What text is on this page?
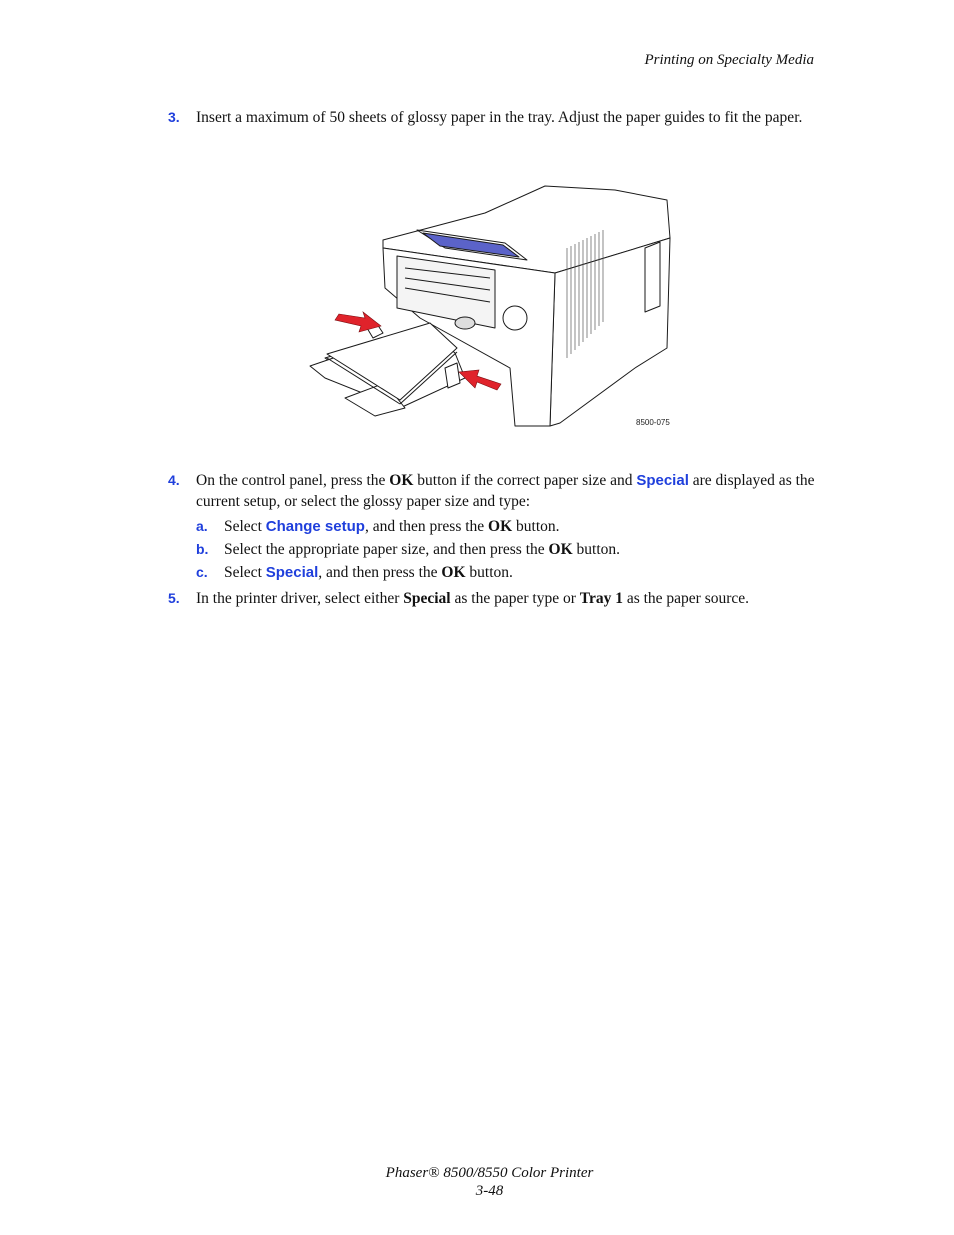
Printing on Specialty Media
3. Insert a maximum of 50 sheets of glossy paper in the tray. Adjust the paper guides to fit the paper.
8500-075
4. On the control panel, press the OK button if the correct paper size and Special are displayed as the current setup, or select the glossy paper size and type:
a. Select Change setup, and then press the OK button.
b. Select the appropriate paper size, and then press the OK button.
c. Select Special, and then press the OK button.
5. In the printer driver, select either Special as the paper type or Tray 1 as the paper source.
Phaser® 8500/8550 Color Printer
3-48
